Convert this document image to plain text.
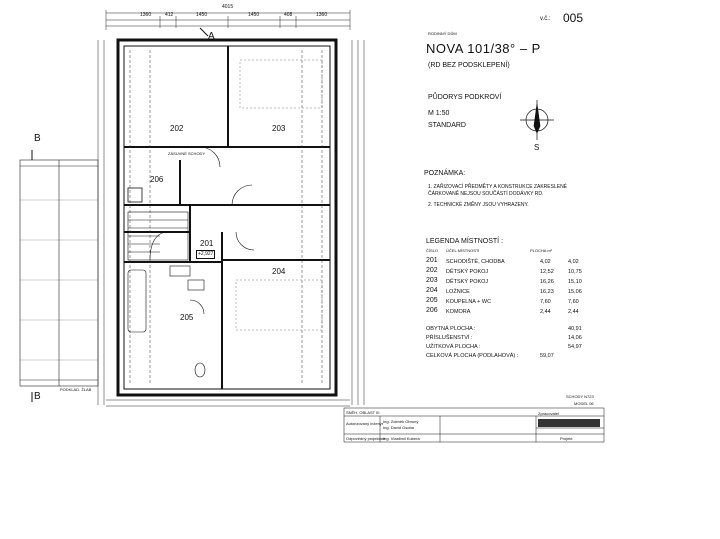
1360	412	1450	1450	408	1360
4015
A
B
B
202	203
204
205
206
201
+2,927
ZÁSUVNÉ SCHODY
PODKLAD. ŽLAB
v.č.: 005
RODINNÝ DŮM
NOVA 101/38° – P
(RD BEZ PODSKLEPENÍ)
PŮDORYS PODKROVÍ
M 1:50
STANDARD
S
POZNÁMKA:
1. ZAŘIZOVACÍ PŘEDMĚTY A KONSTRUKCE ZAKRESLENÉ ČÁRKOVANĚ NEJSOU SOUČÁSTÍ DODÁVKY RD.
2. TECHNICKÉ ZMĚNY JSOU VYHRAZENY.
LEGENDA MÍSTNOSTÍ :
ČÍSLO ÚČEL MÍSTNOSTI	PLOCHA m²
201 SCHODIŠTĚ, CHODBA	4,02	4,02
202 DĚTSKÝ POKOJ	12,52	10,75
203 DĚTSKÝ POKOJ	16,26	15,10
204 LOŽNICE	16,23	15,06
205 KOUPELNA + WC	7,60	7,60
206 KOMORA	2,44	2,44
OBYTNÁ PLOCHA :	40,91
PŘÍSLUŠENSTVÍ :	14,06
UŽITKOVÁ PLOCHA :	54,97
CELKOVÁ PLOCHA (PODLAHOVÁ) :	59,07
SCHODY N723
MODEL 06
SNĚH. OBLAST III.
Autorizovaný inženýr Ing. Zdeněk Obruný
Ing. David Osoba
Odpovědný projektant
Ing. Vlastimil Kubera
Zpracovatel
Projekt
